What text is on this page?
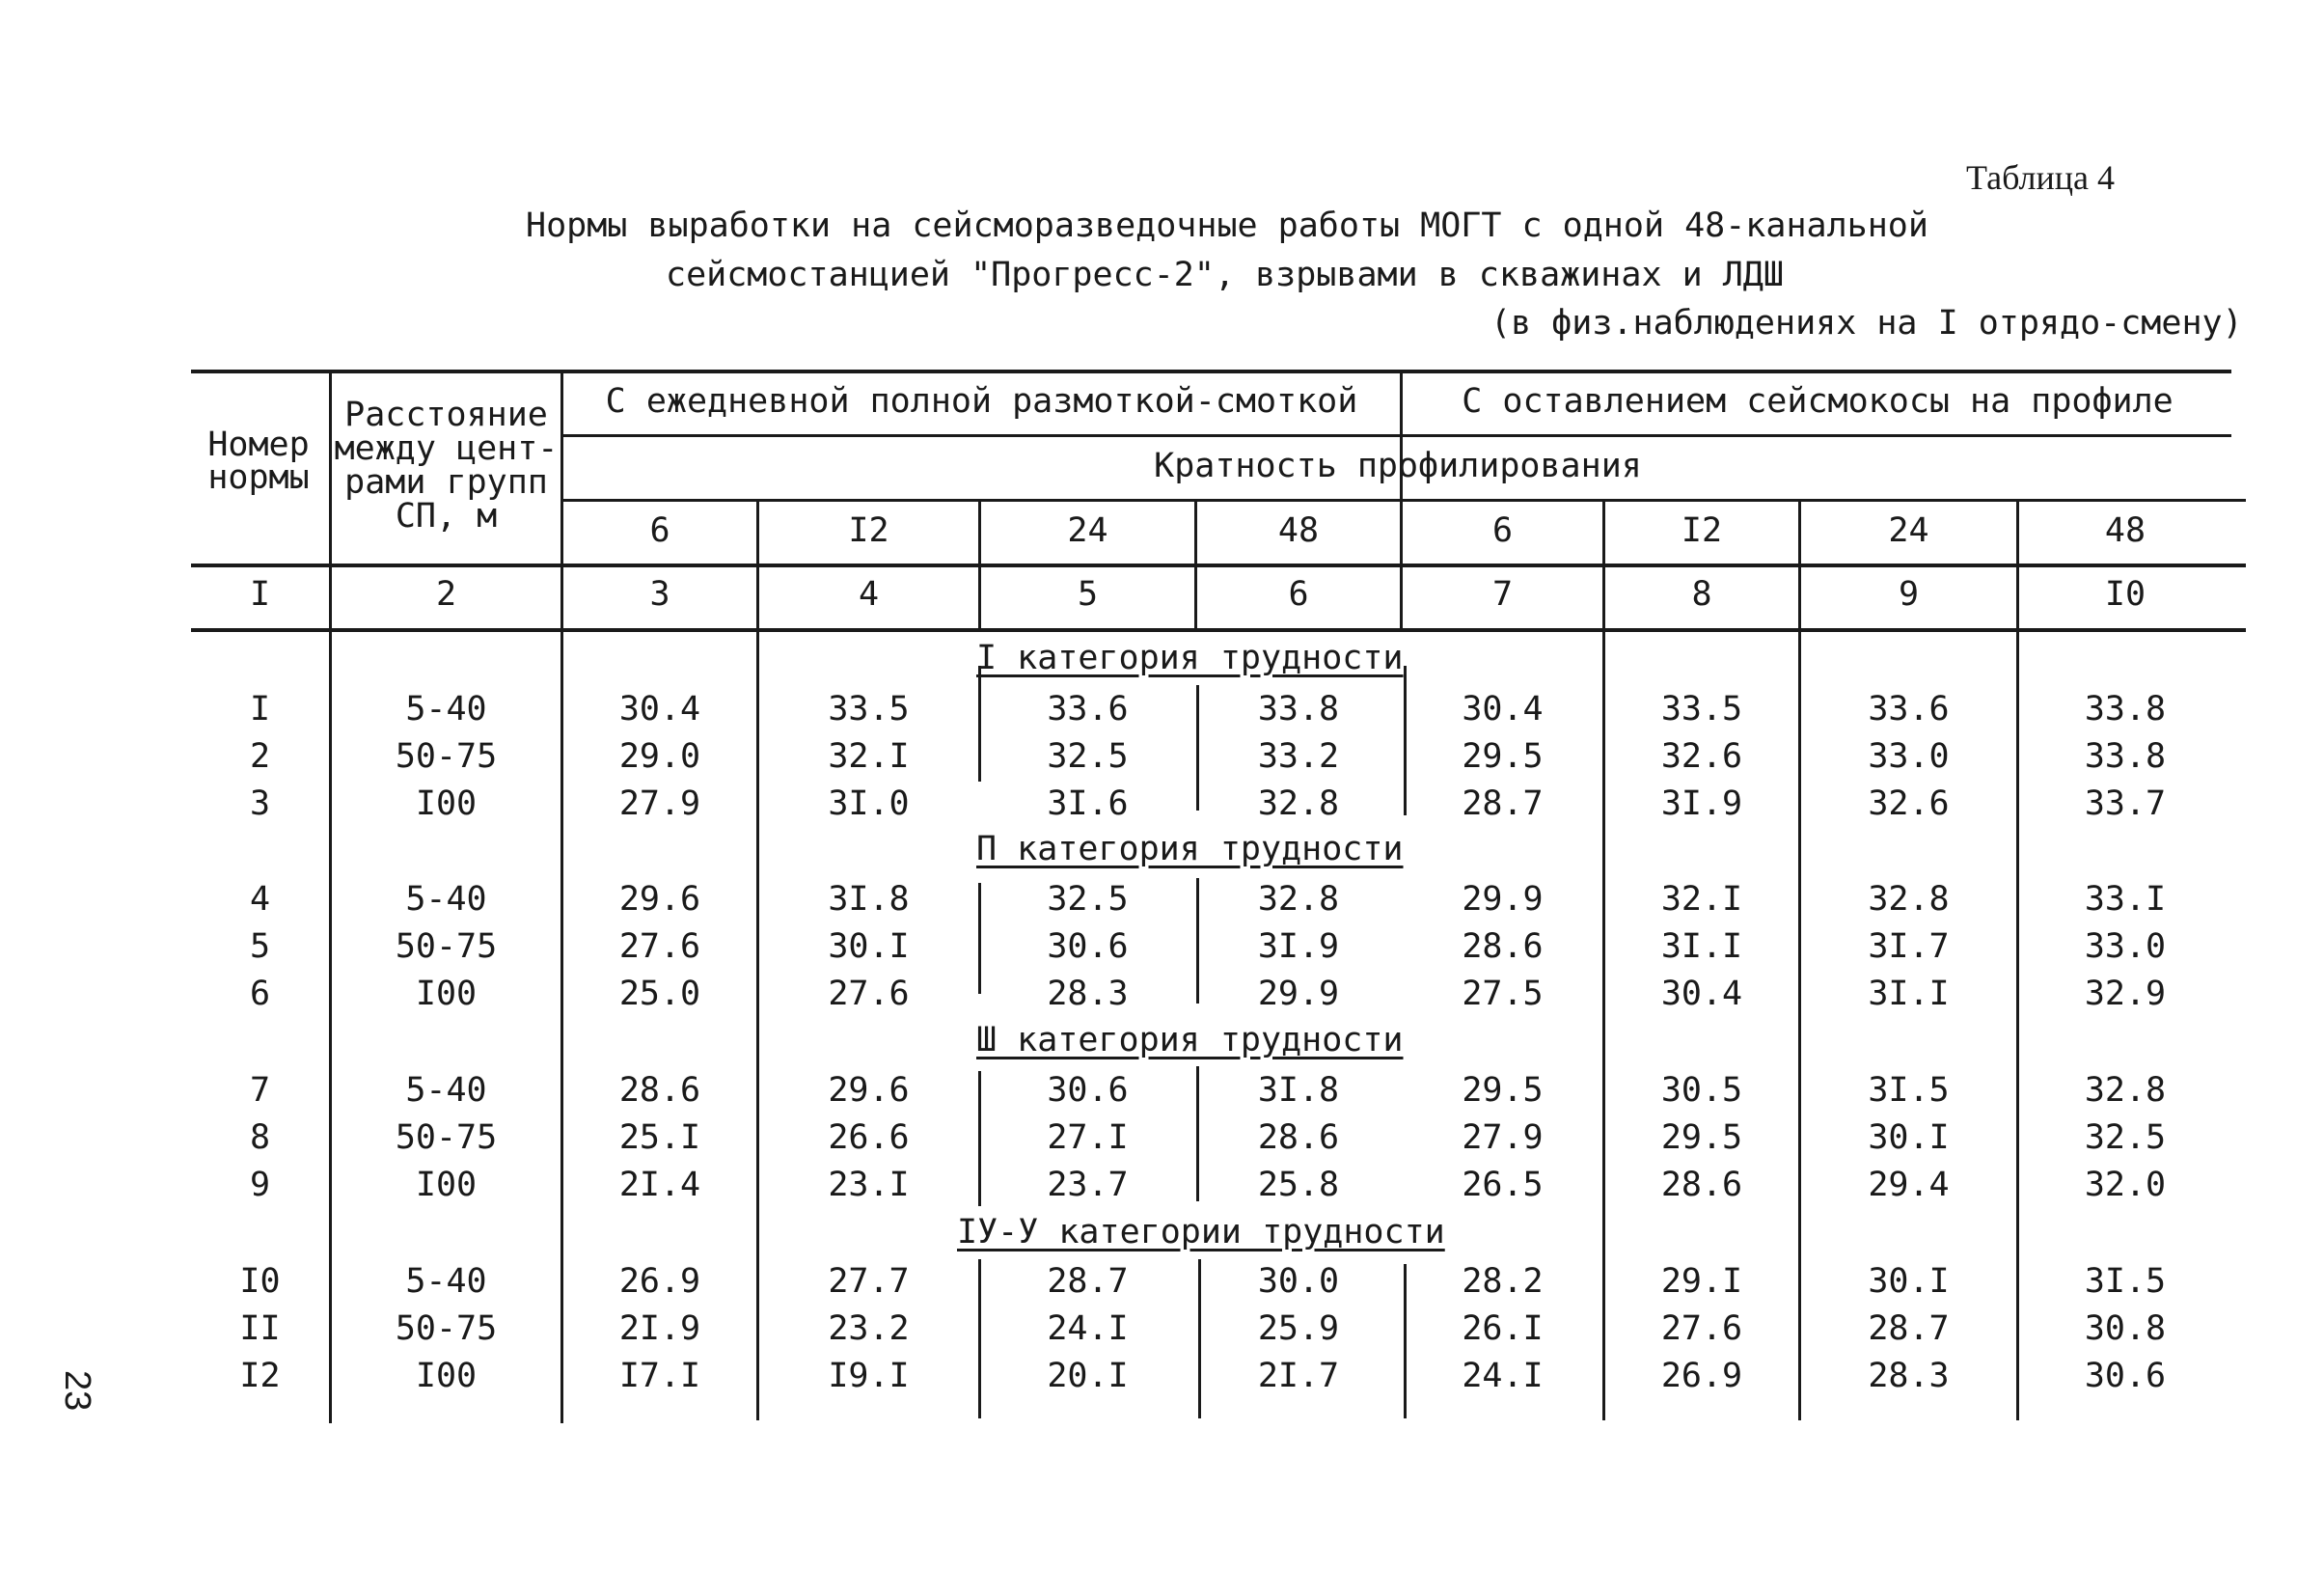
Таблица 4
Нормы выработки на сейсморазведочные работы МОГТ с одной 48-канальной
сейсмостанцией "Прогресс-2", взрывами в скважинах и ЛДШ
(в физ.наблюдениях на I отрядо-смену)
Номер
нормы
Расстояние
между цент-
рами групп
СП, м
С ежедневной полной размоткой-смоткой	С оставлением сейсмокосы на профиле
Кратность профилирования
6	I2	24	48	6	I2	24	48
I	2	3	4	5	6	7	8	9	I0
I категория трудности
П категория трудности
Ш категория трудности
IУ-У категории трудности
I	5-40	30.4	33.5	33.6	33.8	30.4	33.5	33.6	33.8
2	50-75	29.0	32.I	32.5	33.2	29.5	32.6	33.0	33.8
3	I00	27.9	3I.0	3I.6	32.8	28.7	3I.9	32.6	33.7
4	5-40	29.6	3I.8	32.5	32.8	29.9	32.I	32.8	33.I
5	50-75	27.6	30.I	30.6	3I.9	28.6	3I.I	3I.7	33.0
6	I00	25.0	27.6	28.3	29.9	27.5	30.4	3I.I	32.9
7	5-40	28.6	29.6	30.6	3I.8	29.5	30.5	3I.5	32.8
8	50-75	25.I	26.6	27.I	28.6	27.9	29.5	30.I	32.5
9	I00	2I.4	23.I	23.7	25.8	26.5	28.6	29.4	32.0
I0	5-40	26.9	27.7	28.7	30.0	28.2	29.I	30.I	3I.5
II	50-75	2I.9	23.2	24.I	25.9	26.I	27.6	28.7	30.8
I2	I00	I7.I	I9.I	20.I	2I.7	24.I	26.9	28.3	30.6
23
